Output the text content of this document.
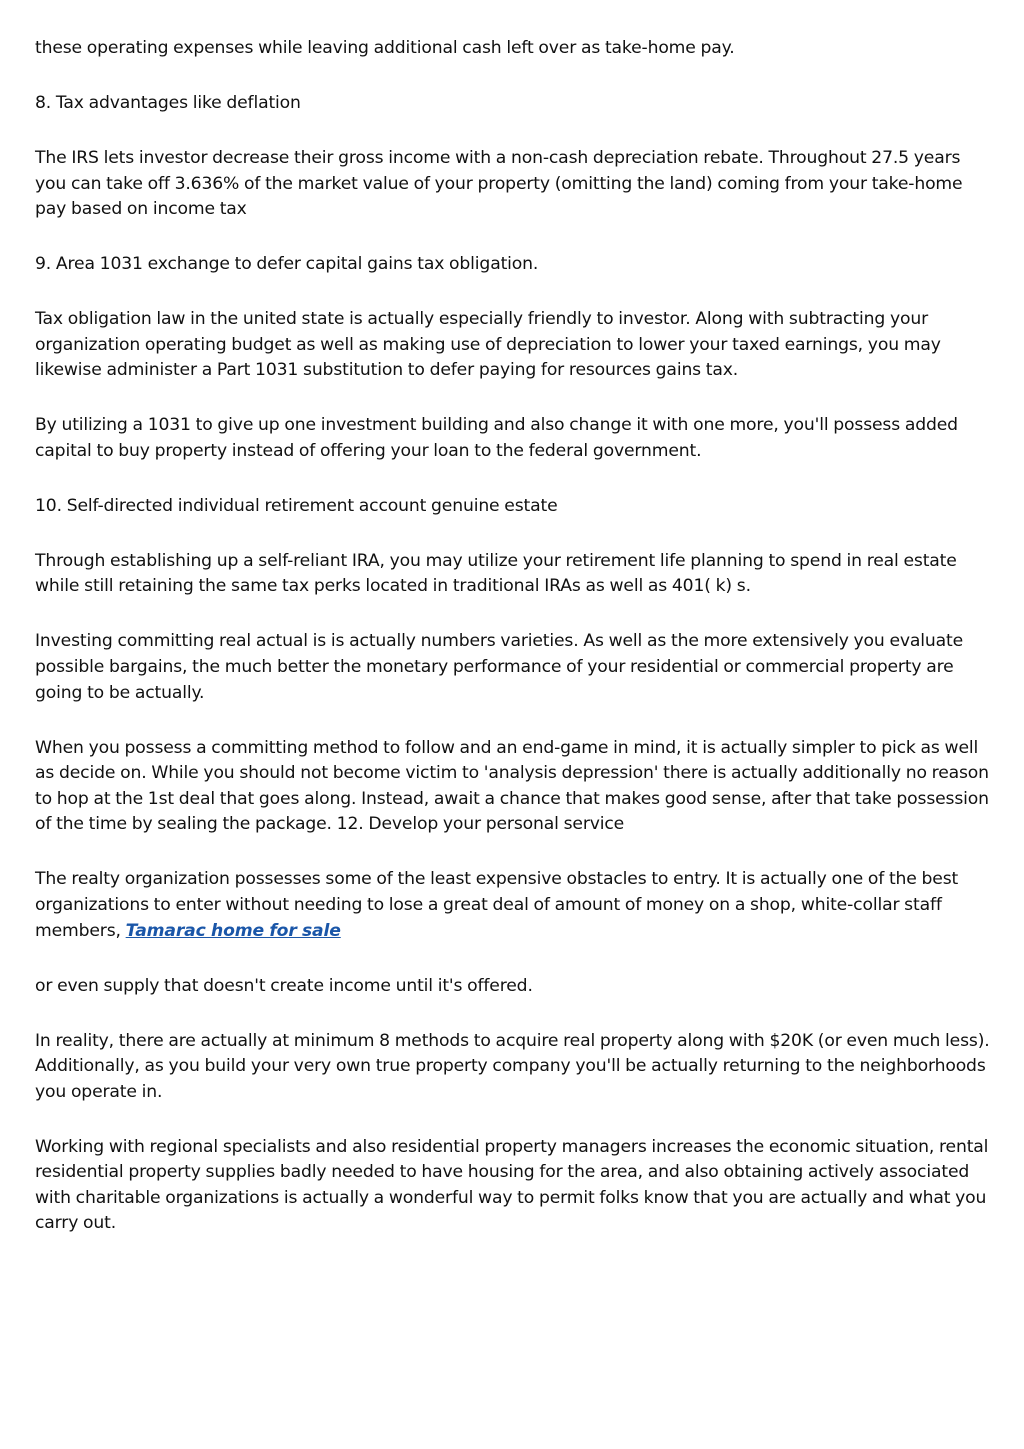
these operating expenses while leaving additional cash left over as take-home pay.

8. Tax advantages like deflation

The IRS lets investor decrease their gross income with a non-cash depreciation rebate. Throughout 27.5 years you can take off 3.636% of the market value of your property (omitting the land) coming from your take-home pay based on income tax

9. Area 1031 exchange to defer capital gains tax obligation.

Tax obligation law in the united state is actually especially friendly to investor. Along with subtracting your organization operating budget as well as making use of depreciation to lower your taxed earnings, you may likewise administer a Part 1031 substitution to defer paying for resources gains tax.

By utilizing a 1031 to give up one investment building and also change it with one more, you'll possess added capital to buy property instead of offering your loan to the federal government.

10. Self-directed individual retirement account genuine estate

Through establishing up a self-reliant IRA, you may utilize your retirement life planning to spend in real estate while still retaining the same tax perks located in traditional IRAs as well as 401( k) s.

Investing committing real actual is is actually numbers varieties. As well as the more extensively you evaluate possible bargains, the much better the monetary performance of your residential or commercial property are going to be actually.

When you possess a committing method to follow and an end-game in mind, it is actually simpler to pick as well as decide on. While you should not become victim to 'analysis depression' there is actually additionally no reason to hop at the 1st deal that goes along. Instead, await a chance that makes good sense, after that take possession of the time by sealing the package. 12. Develop your personal service

The realty organization possesses some of the least expensive obstacles to entry. It is actually one of the best organizations to enter without needing to lose a great deal of amount of money on a shop, white-collar staff members, Tamarac home for sale

or even supply that doesn't create income until it's offered.

In reality, there are actually at minimum 8 methods to acquire real property along with $20K (or even much less). Additionally, as you build your very own true property company you'll be actually returning to the neighborhoods you operate in.

Working with regional specialists and also residential property managers increases the economic situation, rental residential property supplies badly needed to have housing for the area, and also obtaining actively associated with charitable organizations is actually a wonderful way to permit folks know that you are actually and what you carry out.
